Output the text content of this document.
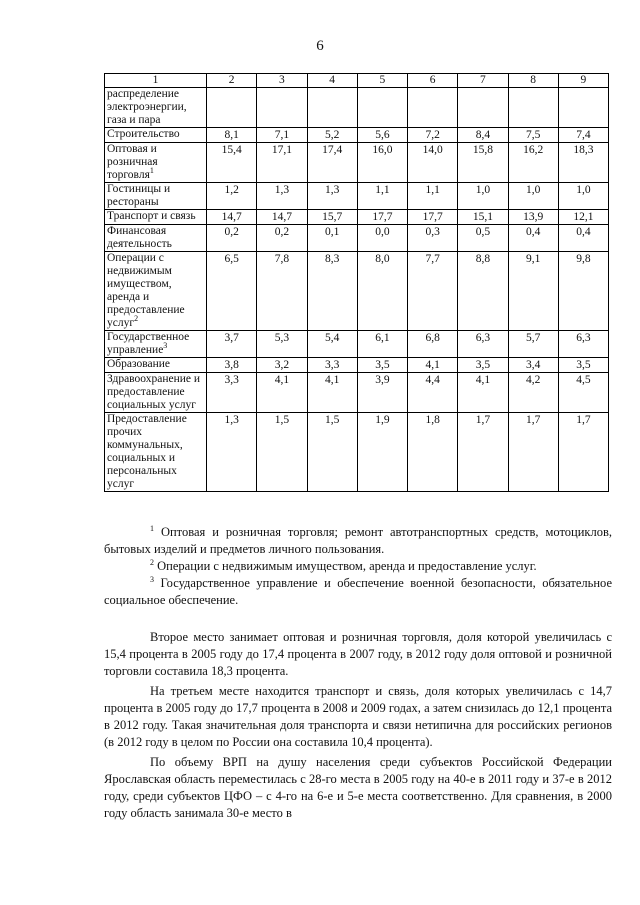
6
1	2	3	4	5	6	7	8	9
распределение электроэнергии, газа и пара								
Строительство	8,1	7,1	5,2	5,6	7,2	8,4	7,5	7,4
Оптовая и розничная торговля$^1$	15,4	17,1	17,4	16,0	14,0	15,8	16,2	18,3
Гостиницы и рестораны	1,2	1,3	1,3	1,1	1,1	1,0	1,0	1,0
Транспорт и связь	14,7	14,7	15,7	17,7	17,7	15,1	13,9	12,1
Финансовая деятельность	0,2	0,2	0,1	0,0	0,3	0,5	0,4	0,4
Операции с недвижимым имуществом, аренда и предоставление услуг$^2$	6,5	7,8	8,3	8,0	7,7	8,8	9,1	9,8
Государственное управление$^3$	3,7	5,3	5,4	6,1	6,8	6,3	5,7	6,3
Образование	3,8	3,2	3,3	3,5	4,1	3,5	3,4	3,5
Здравоохранение и предоставление социальных услуг	3,3	4,1	4,1	3,9	4,4	4,1	4,2	4,5
Предоставление прочих коммунальных, социальных и персональных услуг	1,3	1,5	1,5	1,9	1,8	1,7	1,7	1,7
$^1$ Оптовая и розничная торговля; ремонт автотранспортных средств, мотоциклов, бытовых изделий и предметов личного пользования.
$^2$ Операции с недвижимым имуществом, аренда и предоставление услуг.
$^3$ Государственное управление и обеспечение военной безопасности, обязательное социальное обеспечение.

Второе место занимает оптовая и розничная торговля, доля которой увеличилась с 15,4 процента в 2005 году до 17,4 процента в 2007 году, в 2012 году доля оптовой и розничной торговли составила 18,3 процента.

На третьем месте находится транспорт и связь, доля которых увеличилась с 14,7 процента в 2005 году до 17,7 процента в 2008 и 2009 годах, а затем снизилась до 12,1 процента в 2012 году. Такая значительная доля транспорта и связи нетипична для российских регионов (в 2012 году в целом по России она составила 10,4 процента).

По объему ВРП на душу населения среди субъектов Российской Федерации Ярославская область переместилась с 28-го места в 2005 году на 40-е в 2011 году и 37-е в 2012 году, среди субъектов ЦФО – с 4-го на 6-е и 5-е места соответственно. Для сравнения, в 2000 году область занимала 30-е место в
